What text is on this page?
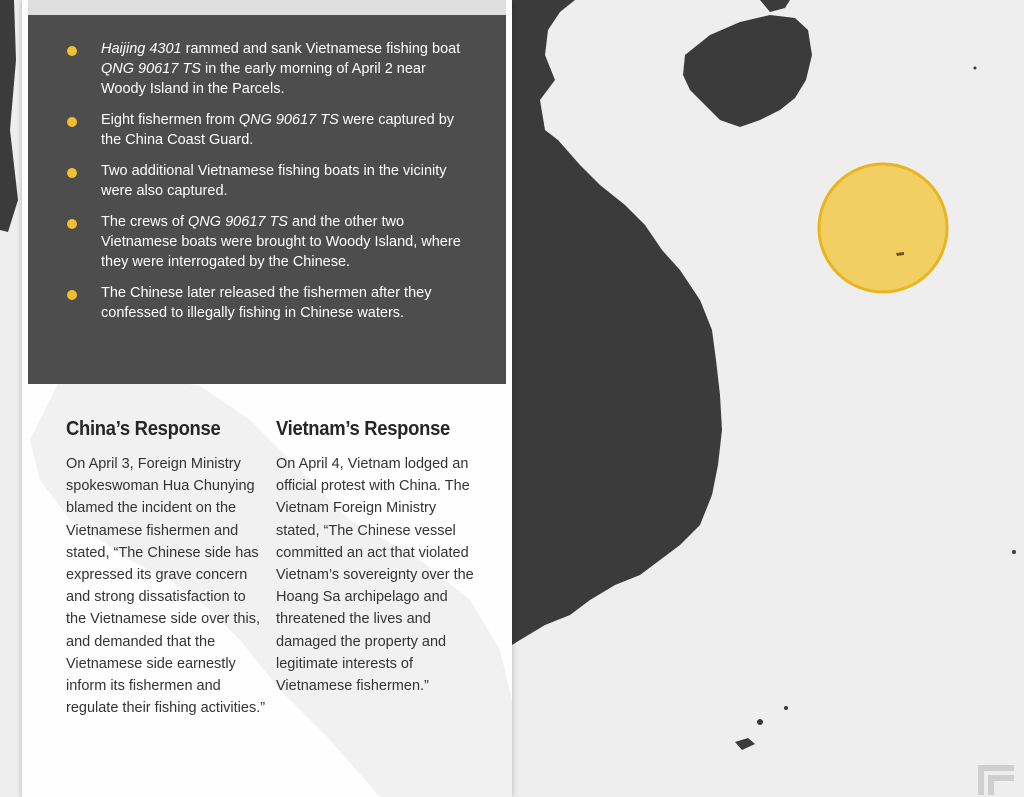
Haijing 4301 rammed and sank Vietnamese fishing boat QNG 90617 TS in the early morning of April 2 near Woody Island in the Parcels.
Eight fishermen from QNG 90617 TS were captured by the China Coast Guard.
Two additional Vietnamese fishing boats in the vicinity were also captured.
The crews of QNG 90617 TS and the other two Vietnamese boats were brought to Woody Island, where they were interrogated by the Chinese.
The Chinese later released the fishermen after they confessed to illegally fishing in Chinese waters.
China’s Response

On April 3, Foreign Ministry spokeswoman Hua Chunying blamed the incident on the Vietnamese fishermen and stated, “The Chinese side has expressed its grave concern and strong dissatisfaction to the Vietnamese side over this, and demanded that the Vietnamese side earnestly inform its fishermen and regulate their fishing activities.”

Vietnam’s Response

On April 4, Vietnam lodged an official protest with China. The Vietnam Foreign Ministry stated, “The Chinese vessel committed an act that violated Vietnam’s sovereignty over the Hoang Sa archipelago and threatened the lives and damaged the property and legitimate interests of Vietnamese fishermen.”
